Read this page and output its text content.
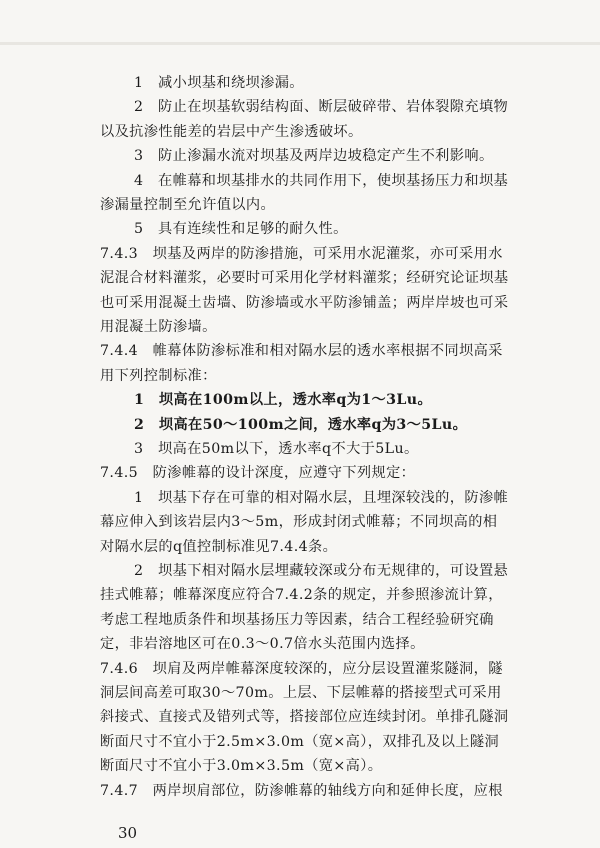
1　减小坝基和绕坝渗漏。
2　防止在坝基软弱结构面、断层破碎带、岩体裂隙充填物
以及抗渗性能差的岩层中产生渗透破坏。
3　防止渗漏水流对坝基及两岸边坡稳定产生不利影响。
4　在帷幕和坝基排水的共同作用下，使坝基扬压力和坝基
渗漏量控制至允许值以内。
5　具有连续性和足够的耐久性。
7.4.3　坝基及两岸的防渗措施，可采用水泥灌浆，亦可采用水
泥混合材料灌浆，必要时可采用化学材料灌浆；经研究论证坝基
也可采用混凝土齿墙、防渗墙或水平防渗铺盖；两岸岸坡也可采
用混凝土防渗墙。
7.4.4　帷幕体防渗标准和相对隔水层的透水率根据不同坝高采
用下列控制标准：
1　坝高在100m以上，透水率q为1～3Lu。
2　坝高在50～100m之间，透水率q为3～5Lu。
3　坝高在50m以下，透水率q不大于5Lu。
7.4.5　防渗帷幕的设计深度，应遵守下列规定：
1　坝基下存在可靠的相对隔水层，且埋深较浅的，防渗帷
幕应伸入到该岩层内3～5m，形成封闭式帷幕；不同坝高的相
对隔水层的q值控制标准见7.4.4条。
2　坝基下相对隔水层埋藏较深或分布无规律的，可设置悬
挂式帷幕；帷幕深度应符合7.4.2条的规定，并参照渗流计算，
考虑工程地质条件和坝基扬压力等因素，结合工程经验研究确
定，非岩溶地区可在0.3～0.7倍水头范围内选择。
7.4.6　坝肩及两岸帷幕深度较深的，应分层设置灌浆隧洞，隧
洞层间高差可取30～70m。上层、下层帷幕的搭接型式可采用
斜接式、直接式及错列式等，搭接部位应连续封闭。单排孔隧洞
断面尺寸不宜小于2.5m×3.0m（宽×高），双排孔及以上隧洞
断面尺寸不宜小于3.0m×3.5m（宽×高）。
7.4.7　两岸坝肩部位，防渗帷幕的轴线方向和延伸长度，应根
30
